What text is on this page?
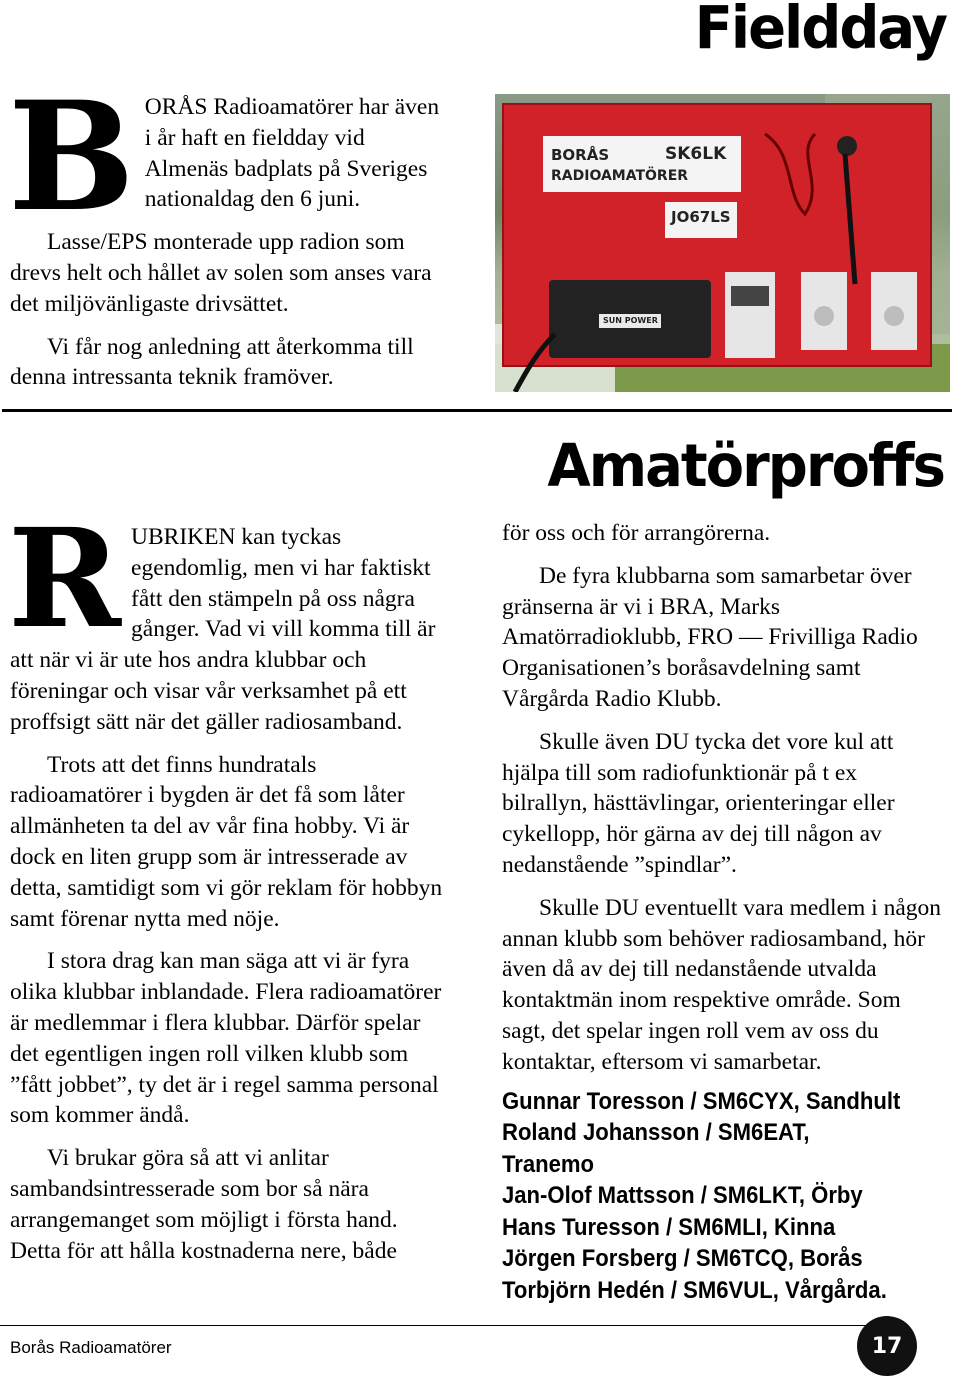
Fieldday
B ORÅS Radioamatörer har även i år haft en fieldday vid Almenäs badplats på Sveriges nationaldag den 6 juni.

Lasse/EPS monterade upp radion som drevs helt och hållet av solen som anses vara det miljövänligaste drivsättet.

Vi får nog anledning att återkomma till denna intressanta teknik framöver.

BORÅS
RADIOAMATÖRER
SK6LK
JO67LS
SUN POWER
Amatörproffs
R UBRIKEN kan tyckas egendomlig, men vi har faktiskt fått den stämpeln på oss några gånger. Vad vi vill komma till är att när vi är ute hos andra klubbar och föreningar och visar vår verksamhet på ett proffsigt sätt när det gäller radiosamband.

Trots att det finns hundratals radioamatörer i bygden är det få som låter allmänheten ta del av vår fina hobby. Vi är dock en liten grupp som är intresserade av detta, samtidigt som vi gör reklam för hobbyn samt förenar nytta med nöje.

I stora drag kan man säga att vi är fyra olika klubbar inblandade. Flera radioamatörer är medlemmar i flera klubbar. Därför spelar det egentligen ingen roll vilken klubb som ”fått jobbet”, ty det är i regel samma personal som kommer ändå.

Vi brukar göra så att vi anlitar sambandsintresserade som bor så nära arrangemanget som möjligt i första hand. Detta för att hålla kostnaderna nere, både

för oss och för arrangörerna.

De fyra klubbarna som samarbetar över gränserna är vi i BRA, Marks Amatörradioklubb, FRO — Frivilliga Radio Organisationen’s boråsavdelning samt Vårgårda Radio Klubb.

Skulle även DU tycka det vore kul att hjälpa till som radiofunktionär på t ex bilrallyn, hästtävlingar, orienteringar eller cykellopp, hör gärna av dej till någon av nedanstående ”spindlar”.

Skulle DU eventuellt vara medlem i någon annan klubb som behöver radiosamband, hör även då av dej till nedanstående utvalda kontaktmän inom respektive område. Som sagt, det spelar ingen roll vem av oss du kontaktar, eftersom vi samarbetar.

Gunnar Toresson / SM6CYX, Sandhult
Roland Johansson / SM6EAT, Tranemo
Jan-Olof Mattsson / SM6LKT, Örby
Hans Turesson / SM6MLI, Kinna
Jörgen Forsberg / SM6TCQ, Borås
Torbjörn Hedén / SM6VUL, Vårgårda.
Borås Radioamatörer	17
